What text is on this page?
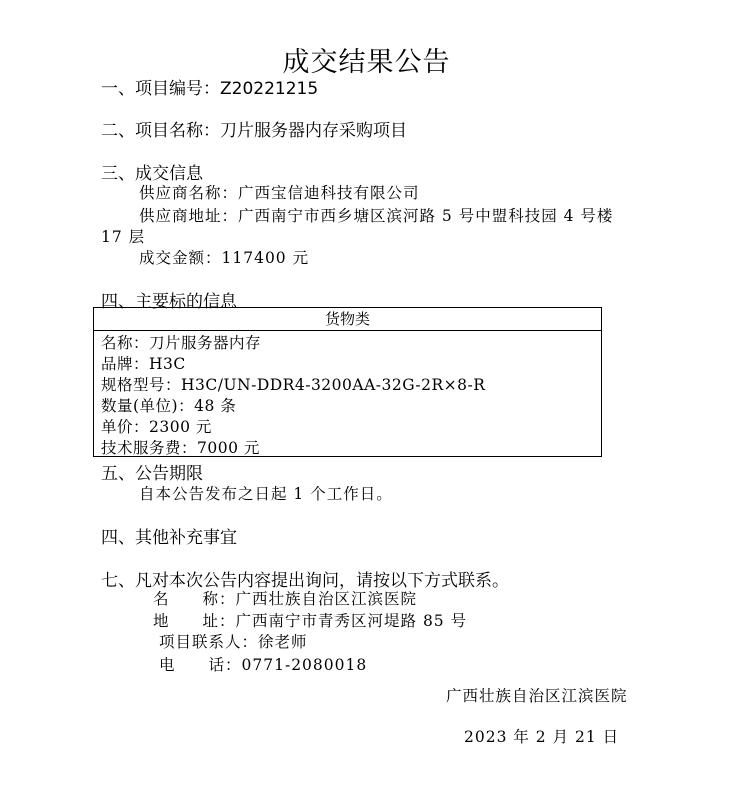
成交结果公告
一、项目编号：Z20221215
二、项目名称：刀片服务器内存采购项目
三、成交信息
供应商名称：广西宝信迪科技有限公司
供应商地址：广西南宁市西乡塘区滨河路 5 号中盟科技园 4 号楼
17 层
成交金额：117400 元
四、主要标的信息
货物类
名称：刀片服务器内存
品牌：H3C
规格型号：H3C/UN-DDR4-3200AA-32G-2R×8-R
数量(单位)：48 条
单价：2300 元
技术服务费：7000 元
五、公告期限
自本公告发布之日起 1 个工作日。
四、其他补充事宜
七、凡对本次公告内容提出询问，请按以下方式联系。
名　　称：广西壮族自治区江滨医院
地　　址：广西南宁市青秀区河堤路 85 号
项目联系人：徐老师
电　　话：0771-2080018
广西壮族自治区江滨医院
2023 年 2 月 21 日
